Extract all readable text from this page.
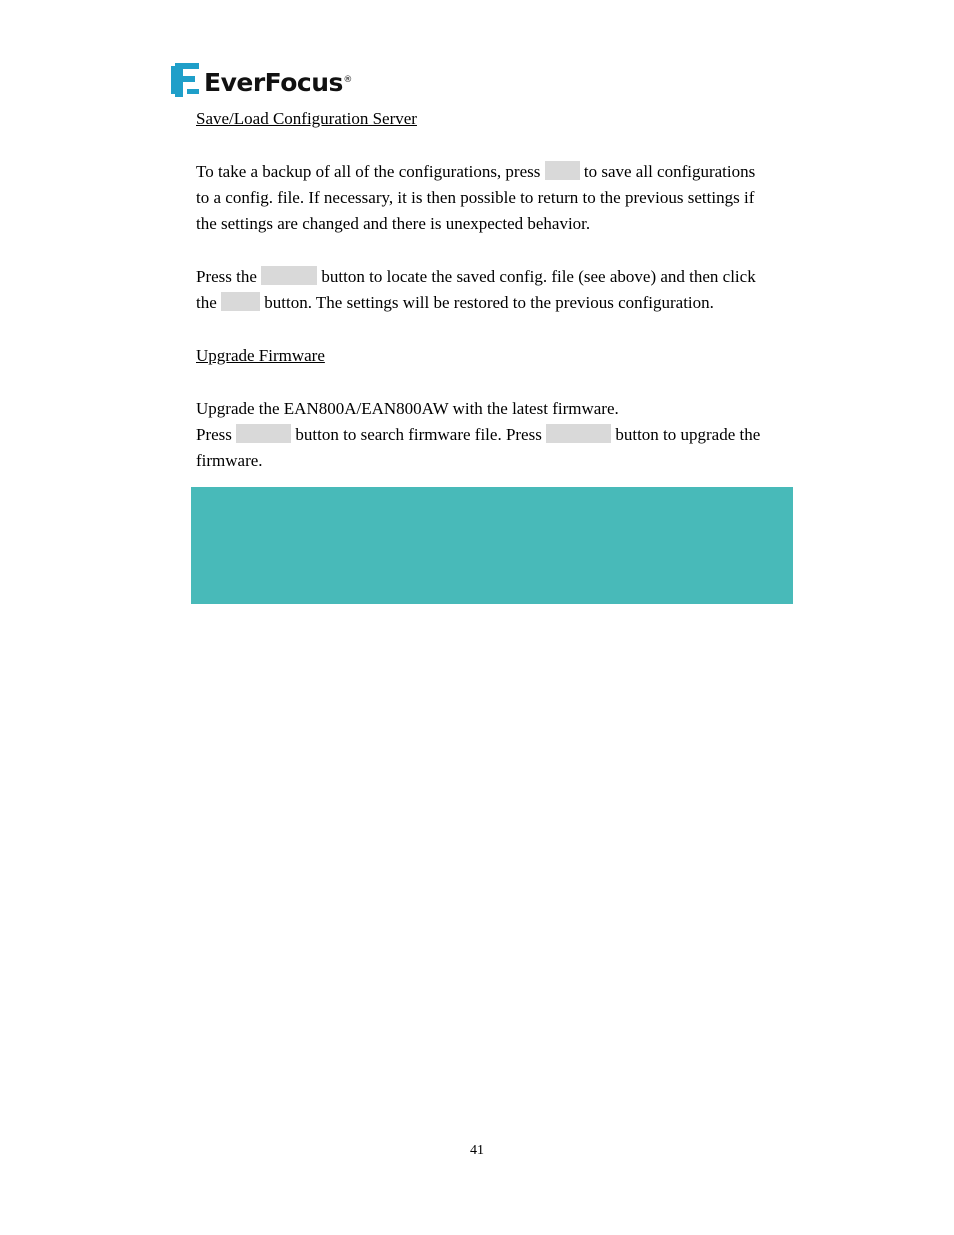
EverFocus ®
Save/Load Configuration Server
To take a backup of all of the configurations, press	to save all configurations
to a config. file. If necessary, it is then possible to return to the previous settings if
the settings are changed and there is unexpected behavior.
Press the	button to locate the saved config. file (see above) and then click
the	button. The settings will be restored to the previous configuration.
Upgrade Firmware
Upgrade the EAN800A/EAN800AW with the latest firmware.
Press	button to search firmware file. Press	button to upgrade the
firmware.
41
